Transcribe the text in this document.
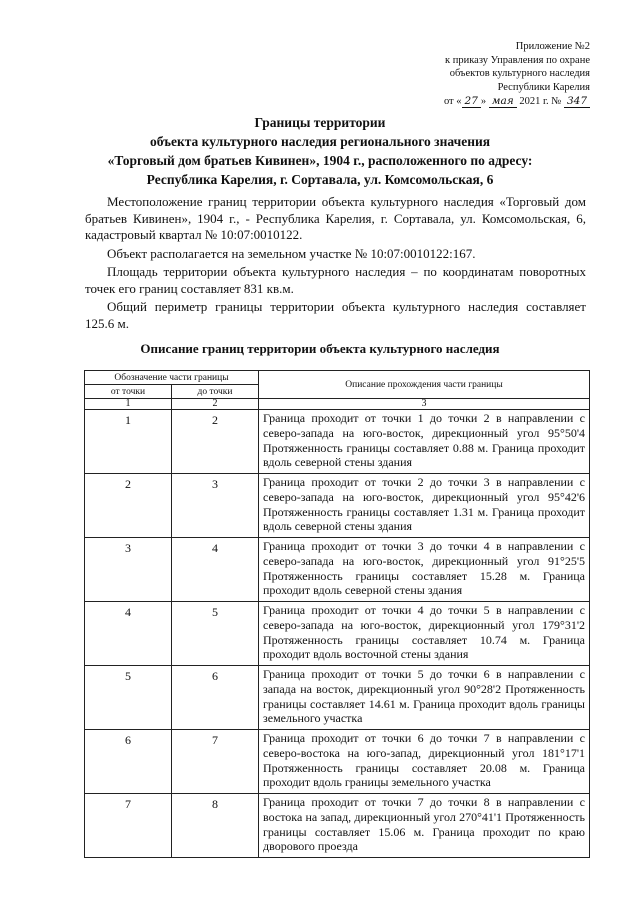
Приложение №2
к приказу Управления по охране
объектов культурного наследия
Республики Карелия
от « 27 » мая 2021 г. № 347
Границы территории
объекта культурного наследия регионального значения
«Торговый дом братьев Кивинен», 1904 г., расположенного по адресу:
Республика Карелия, г. Сортавала, ул. Комсомольская, 6

Местоположение границ территории объекта культурного наследия «Торговый дом братьев Кивинен», 1904 г., - Республика Карелия, г. Сортавала, ул. Комсомольская, 6, кадастровый квартал № 10:07:0010122.

Объект располагается на земельном участке № 10:07:0010122:167.

Площадь территории объекта культурного наследия – по координатам поворотных точек его границ составляет 831 кв.м.

Общий периметр границы территории объекта культурного наследия составляет 125.6 м.

Описание границ территории объекта культурного наследия
Обозначение части границы		Описание прохождения части границы
от точки	до точки	
1	2	3
1	2	Граница проходит от точки 1 до точки 2 в направлении с северо-запада на юго-восток, дирекционный угол 95°50'4 Протяженность границы составляет 0.88 м. Граница проходит вдоль северной стены здания
2	3	Граница проходит от точки 2 до точки 3 в направлении с северо-запада на юго-восток, дирекционный угол 95°42'6 Протяженность границы составляет 1.31 м. Граница проходит вдоль северной стены здания
3	4	Граница проходит от точки 3 до точки 4 в направлении с северо-запада на юго-восток, дирекционный угол 91°25'5 Протяженность границы составляет 15.28 м. Граница проходит вдоль северной стены здания
4	5	Граница проходит от точки 4 до точки 5 в направлении с северо-запада на юго-восток, дирекционный угол 179°31'2 Протяженность границы составляет 10.74 м. Граница проходит вдоль восточной стены здания
5	6	Граница проходит от точки 5 до точки 6 в направлении с запада на восток, дирекционный угол 90°28'2 Протяженность границы составляет 14.61 м. Граница проходит вдоль границы земельного участка
6	7	Граница проходит от точки 6 до точки 7 в направлении с северо-востока на юго-запад, дирекционный угол 181°17'1 Протяженность границы составляет 20.08 м. Граница проходит вдоль границы земельного участка
7	8	Граница проходит от точки 7 до точки 8 в направлении с востока на запад, дирекционный угол 270°41'1 Протяженность границы составляет 15.06 м. Граница проходит по краю дворового проезда
